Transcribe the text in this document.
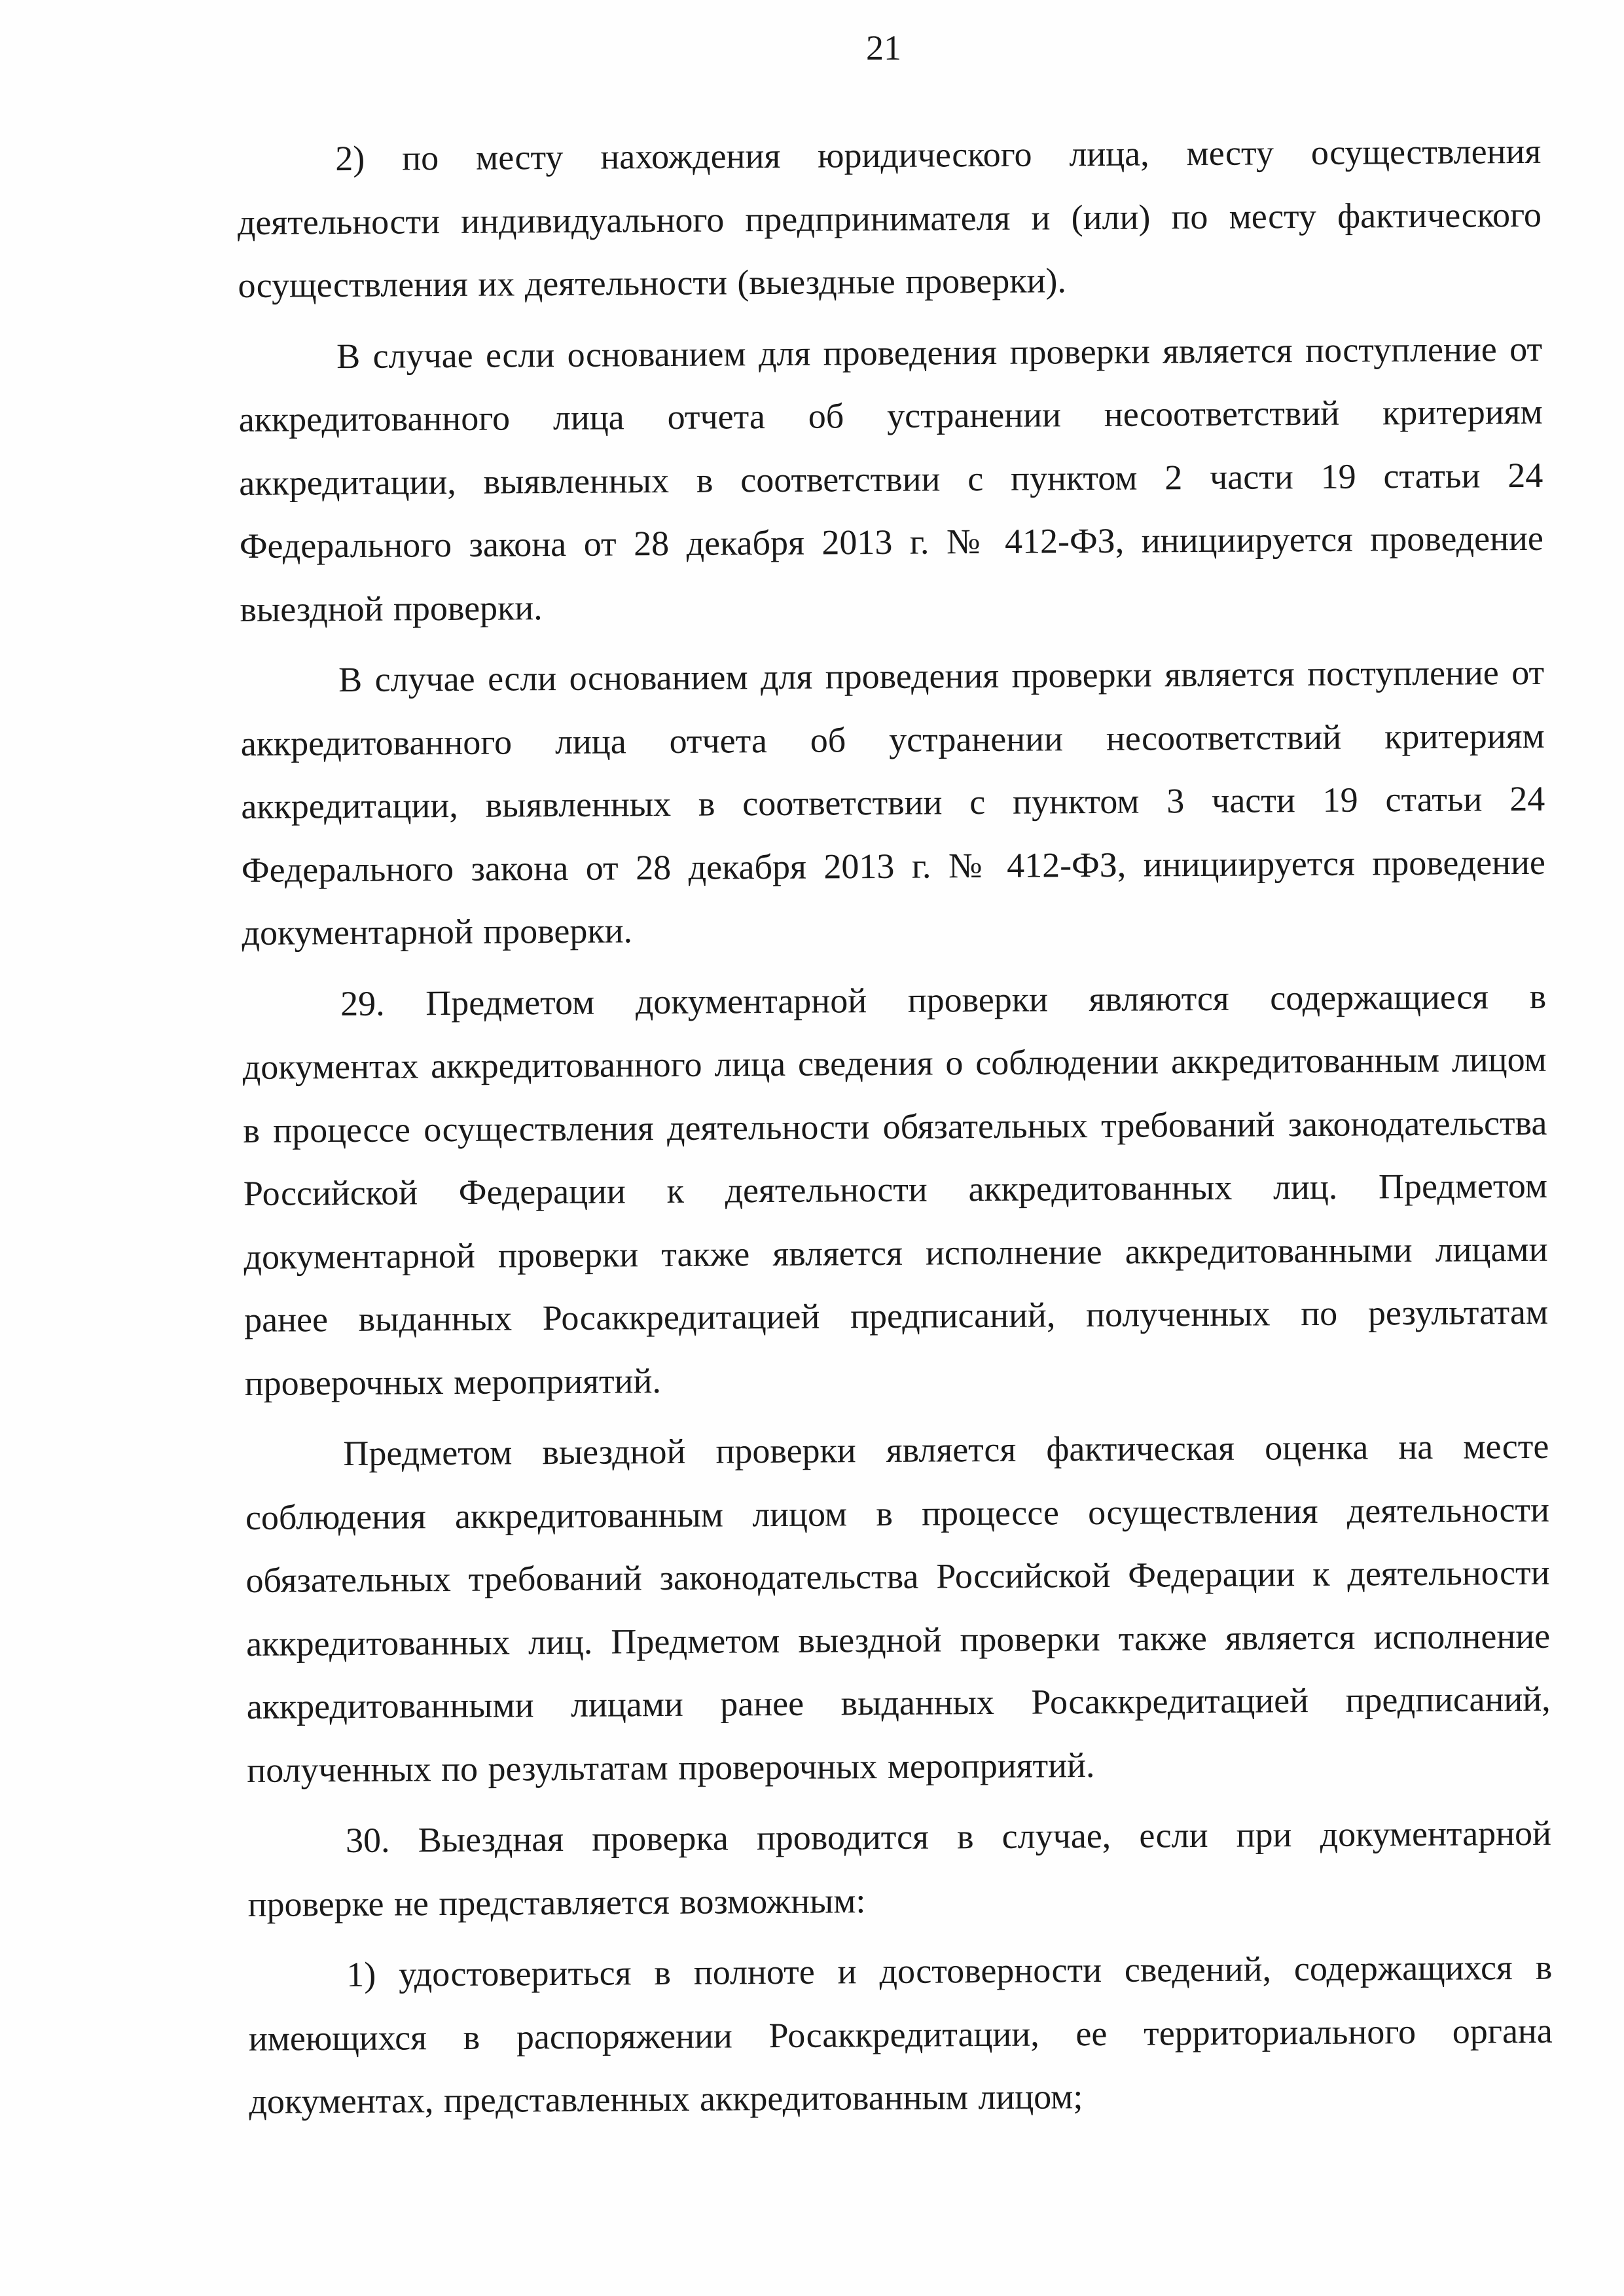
21

2) по месту нахождения юридического лица, месту осуществления деятельности индивидуального предпринимателя и (или) по месту фактического осуществления их деятельности (выездные проверки).

В случае если основанием для проведения проверки является поступление от аккредитованного лица отчета об устранении несоответствий критериям аккредитации, выявленных в соответствии с пунктом 2 части 19 статьи 24 Федерального закона от 28 декабря 2013 г. № 412-ФЗ, инициируется проведение выездной проверки.

В случае если основанием для проведения проверки является поступление от аккредитованного лица отчета об устранении несоответствий критериям аккредитации, выявленных в соответствии с пунктом 3 части 19 статьи 24 Федерального закона от 28 декабря 2013 г. № 412-ФЗ, инициируется проведение документарной проверки.

29. Предметом документарной проверки являются содержащиеся в документах аккредитованного лица сведения о соблюдении аккредитованным лицом в процессе осуществления деятельности обязательных требований законодательства Российской Федерации к деятельности аккредитованных лиц. Предметом документарной проверки также является исполнение аккредитованными лицами ранее выданных Росаккредитацией предписаний, полученных по результатам проверочных мероприятий.

Предметом выездной проверки является фактическая оценка на месте соблюдения аккредитованным лицом в процессе осуществления деятельности обязательных требований законодательства Российской Федерации к деятельности аккредитованных лиц. Предметом выездной проверки также является исполнение аккредитованными лицами ранее выданных Росаккредитацией предписаний, полученных по результатам проверочных мероприятий.

30. Выездная проверка проводится в случае, если при документарной проверке не представляется возможным:

1) удостовериться в полноте и достоверности сведений, содержащихся в имеющихся в распоряжении Росаккредитации, ее территориального органа документах, представленных аккредитованным лицом;
